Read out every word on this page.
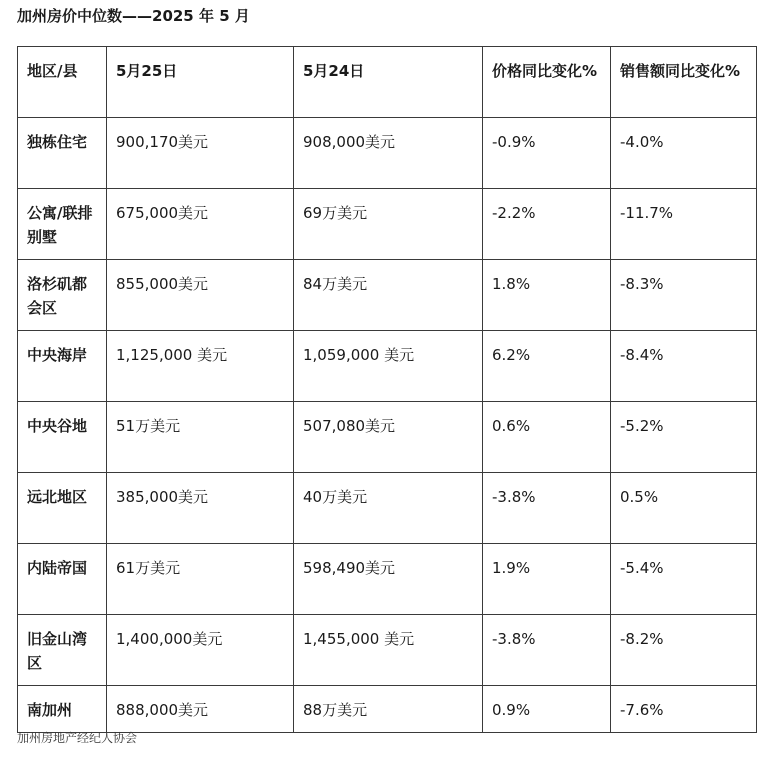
加州房价中位数——2025 年 5 月
地区/县	5月25日	5月24日	价格同比变化%	销售额同比变化%
独栋住宅	900,170美元	908,000美元	-0.9%	-4.0%
公寓/联排别墅	675,000美元	69万美元	-2.2%	-11.7%
洛杉矶都会区	855,000美元	84万美元	1.8%	-8.3%
中央海岸	1,125,000 美元	1,059,000 美元	6.2%	-8.4%
中央谷地	51万美元	507,080美元	0.6%	-5.2%
远北地区	385,000美元	40万美元	-3.8%	0.5%
内陆帝国	61万美元	598,490美元	1.9%	-5.4%
旧金山湾区	1,400,000美元	1,455,000 美元	-3.8%	-8.2%
南加州	888,000美元	88万美元	0.9%	-7.6%
加州房地产经纪人协会
